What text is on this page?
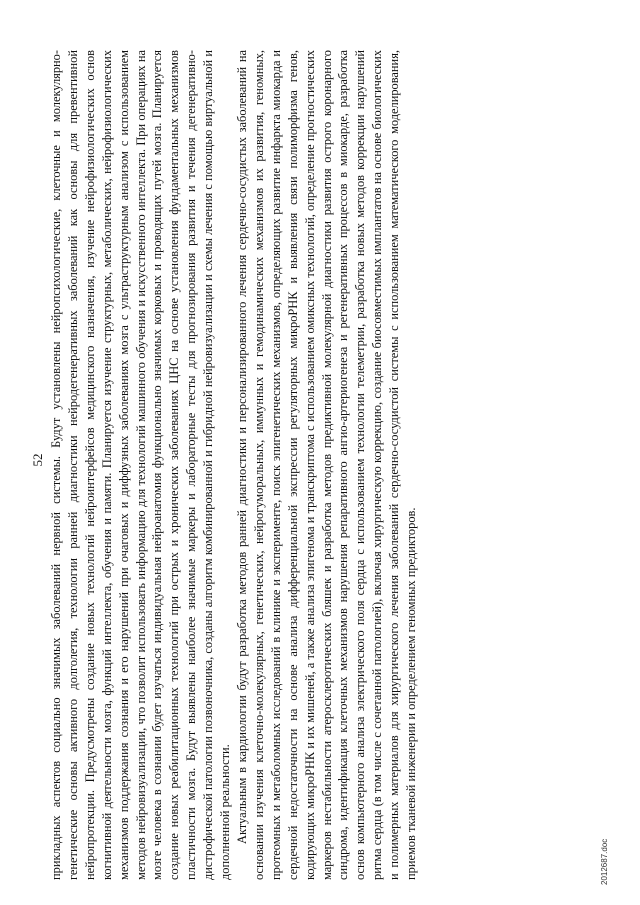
52 прикладных аспектов социально значимых заболеваний нервной системы. Будут установлены нейропсихологические, клеточные и молекулярно-генетические основы активного долголетия, технологии ранней диагностики нейродегенеративных заболеваний как основы для превентивной нейропротекции. Предусмотрены создание новых технологий нейроинтерфейсов медицинского назначения, изучение нейрофизиологических основ когнитивной деятельности мозга, функций интеллекта, обучения и памяти. Планируется изучение структурных, метаболических, нейрофизиологических механизмов поддержания сознания и его нарушений при очаговых и диффузных заболеваниях мозга с ультраструктурным анализом с использованием методов нейровизуализации, что позволит использовать информацию для технологий машинного обучения и искусственного интеллекта. При операциях на мозге человека в сознании будет изучаться индивидуальная нейроанатомия функционально значимых корковых и проводящих путей мозга. Планируется создание новых реабилитационных технологий при острых и хронических заболеваниях ЦНС на основе установления фундаментальных механизмов пластичности мозга. Будут выявлены наиболее значимые маркеры и лабораторные тесты для прогнозирования развития и течения дегенеративно-дистрофической патологии позвоночника, созданы алгоритм комбинированной и гибридной нейровизуализации и схемы лечения с помощью виртуальной и дополненной реальности. Актуальным в кардиологии будут разработка методов ранней диагностики и персонализированного лечения сердечно-сосудистых заболеваний на основании изучения клеточно-молекулярных, генетических, нейрогуморальных, иммунных и гемодинамических механизмов их развития, геномных, протеомных и метаболомных исследований в клинике и эксперименте, поиск эпигенетических механизмов, определяющих развитие инфаркта миокарда и сердечной недостаточности на основе анализа дифференциальной экспрессии регуляторных микроРНК и выявления связи полиморфизма генов, кодирующих микроРНК и их мишеней, а также анализа эпигенома и транскриптома с использованием омиксных технологий, определение прогностических маркеров нестабильности атеросклеротических бляшек и разработка методов предиктивной молекулярной диагностики развития острого коронарного синдрома, идентификация клеточных механизмов нарушения репаративного ангио-артериогенеза и регенеративных процессов в миокарде, разработка основ компьютерного анализа электрического поля сердца с использованием технологии телеметрии, разработка новых методов коррекции нарушений ритма сердца (в том числе с сочетанной патологией), включая хирургическую коррекцию, создание биосовместимых имплантатов на основе биологических и полимерных материалов для хирургического лечения заболеваний сердечно-сосудистой системы с использованием математического моделирования, приемов тканевой инженерии и определением геномных предикторов.	2012687.doc
